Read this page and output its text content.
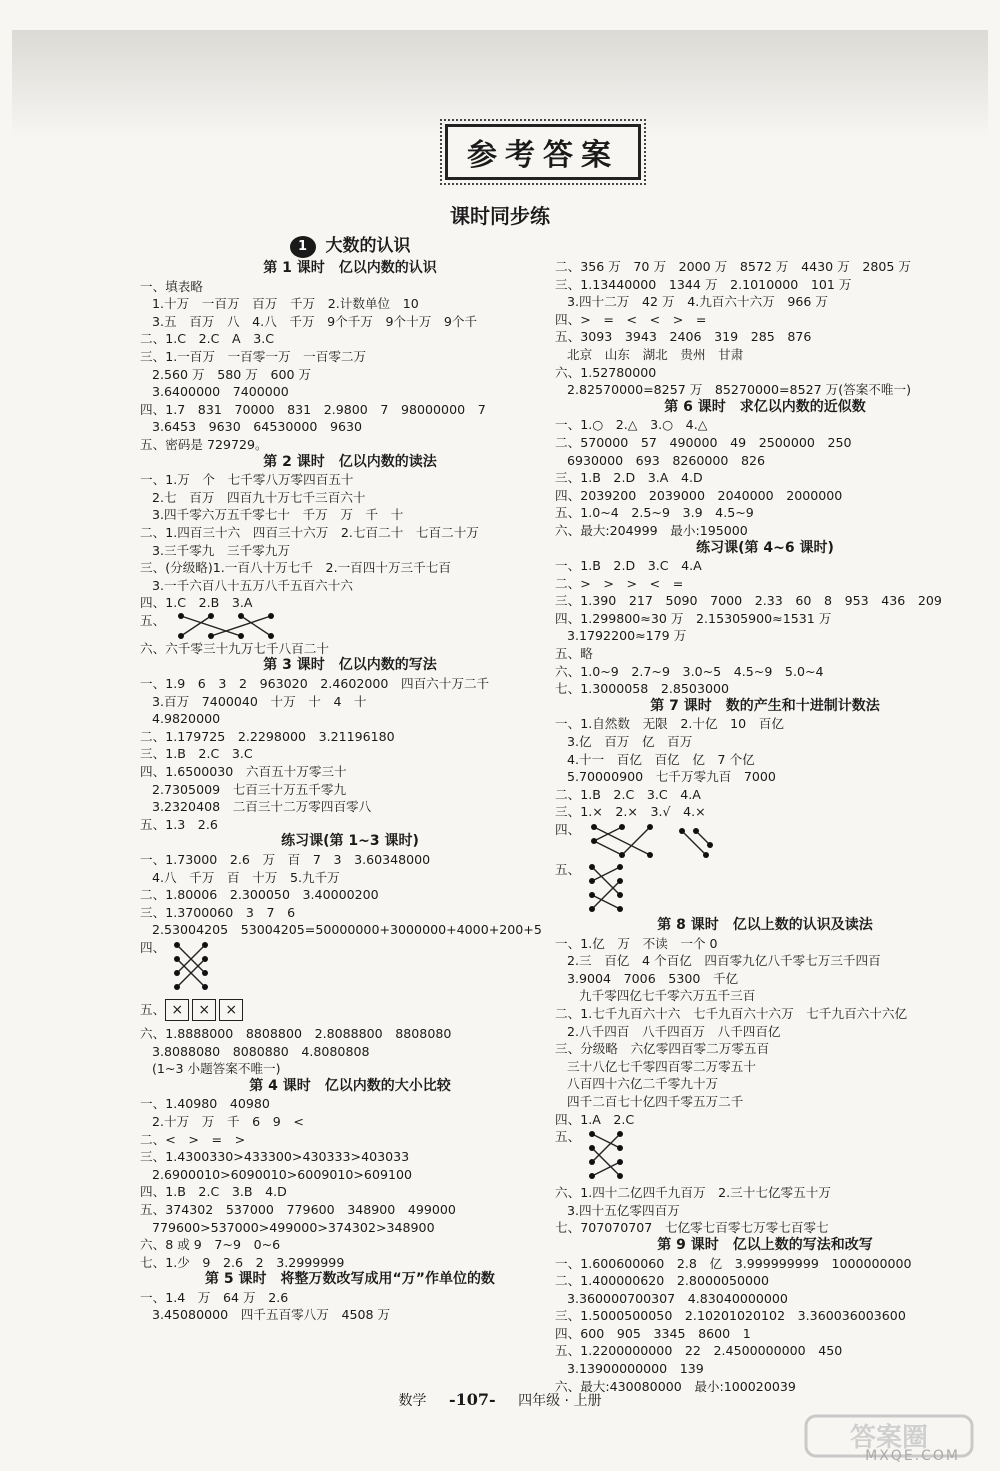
参考答案
课时同步练
1	大数的认识
第 1 课时　亿以内数的认识
一、填表略
1.十万　一百万　百万　千万　2.计数单位　10
3.五　百万　八　4.八　千万　9个千万　9个十万　9个千
二、1.C　2.C　A　3.C
三、1.一百万　一百零一万　一百零二万
2.560 万　580 万　600 万
3.6400000　7400000
四、1.7　831　70000　831　2.9800　7　98000000　7
3.6453　9630　64530000　9630
五、密码是 729729。
第 2 课时　亿以内数的读法
一、1.万　个　七千零八万零四百五十
2.七　百万　四百九十万七千三百六十
3.四千零六万五千零七十　千万　万　千　十
二、1.四百三十六　四百三十六万　2.七百二十　七百二十万
3.三千零九　三千零九万
三、(分级略)1.一百八十万七千　2.一百四十万三千七百
3.一千六百八十五万八千五百六十六
四、1.C　2.B　3.A
五、
六、六千零三十九万七千八百二十
第 3 课时　亿以内数的写法
一、1.9　6　3　2　963020　2.4602000　四百六十万二千
3.百万　7400040　十万　十　4　十
4.9820000
二、1.179725　2.2298000　3.21196180
三、1.B　2.C　3.C
四、1.6500030　六百五十万零三十
2.7305009　七百三十万五千零九
3.2320408　二百三十二万零四百零八
五、1.3　2.6
练习课(第 1~3 课时)
一、1.73000　2.6　万　百　7　3　3.60348000
4.八　千万　百　十万　5.九千万
二、1.80006　2.300050　3.40000200
三、1.3700060　3　7　6
2.53004205　53004205=50000000+3000000+4000+200+5
四、
五、 × × ×
六、1.8888000　8808800　2.8088800　8808080
3.8088080　8080880　4.8080808
(1~3 小题答案不唯一)
第 4 课时　亿以内数的大小比较
一、1.40980　40980
2.十万　万　千　6　9　<
二、<　>　=　>
三、1.4300330>433300>430333>403033
2.6900010>6090010>6009010>609100
四、1.B　2.C　3.B　4.D
五、374302　537000　779600　348900　499000
779600>537000>499000>374302>348900
六、8 或 9　7~9　0~6
七、1.少　9　2.6　2　3.2999999
第 5 课时　将整万数改写成用“万”作单位的数
一、1.4　万　64 万　2.6
3.45080000　四千五百零八万　4508 万
二、356 万　70 万　2000 万　8572 万　4430 万　2805 万
三、1.13440000　1344 万　2.1010000　101 万
3.四十二万　42 万　4.九百六十六万　966 万
四、>　=　<　<　>　=
五、3093　3943　2406　319　285　876
北京　山东　湖北　贵州　甘肃
六、1.52780000
2.82570000=8257 万　85270000=8527 万(答案不唯一)
第 6 课时　求亿以内数的近似数
一、1.○　2.△　3.○　4.△
二、570000　57　490000　49　2500000　250
6930000　693　8260000　826
三、1.B　2.D　3.A　4.D
四、2039200　2039000　2040000　2000000
五、1.0~4　2.5~9　3.9　4.5~9
六、最大:204999　最小:195000
练习课(第 4~6 课时)
一、1.B　2.D　3.C　4.A
二、>　>　>　<　=
三、1.390　217　5090　7000　2.33　60　8　953　436　209
四、1.299800≈30 万　2.15305900≈1531 万
3.1792200≈179 万
五、略
六、1.0~9　2.7~9　3.0~5　4.5~9　5.0~4
七、1.3000058　2.8503000
第 7 课时　数的产生和十进制计数法
一、1.自然数　无限　2.十亿　10　百亿
3.亿　百万　亿　百万
4.十一　百亿　百亿　亿　7 个亿
5.70000900　七千万零九百　7000
二、1.B　2.C　3.C　4.A
三、1.×　2.×　3.√　4.×
四、
五、
第 8 课时　亿以上数的认识及读法
一、1.亿　万　不读　一个 0
2.三　百亿　4 个百亿　四百零九亿八千零七万三千四百
3.9004　7006　5300　千亿
九千零四亿七千零六万五千三百
二、1.七千九百六十六　七千九百六十六万　七千九百六十六亿
2.八千四百　八千四百万　八千四百亿
三、分级略　六亿零四百零二万零五百
三十八亿七千零四百零二万零五十
八百四十六亿二千零九十万
四千二百七十亿四千零五万二千
四、1.A　2.C
五、
六、1.四十二亿四千九百万　2.三十七亿零五十万
3.四十五亿零四百万
七、707070707　七亿零七百零七万零七百零七
第 9 课时　亿以上数的写法和改写
一、1.600600060　2.8　亿　3.999999999　1000000000
二、1.400000620　2.8000050000
3.360000700307　4.83040000000
三、1.5000500050　2.10201020102　3.360036003600
四、600　905　3345　8600　1
五、1.2200000000　22　2.4500000000　450
3.13900000000　139
六、最大:430080000　最小:100020039
数学 -107- 四年级 · 上册
答案圈
MXQE.COM
